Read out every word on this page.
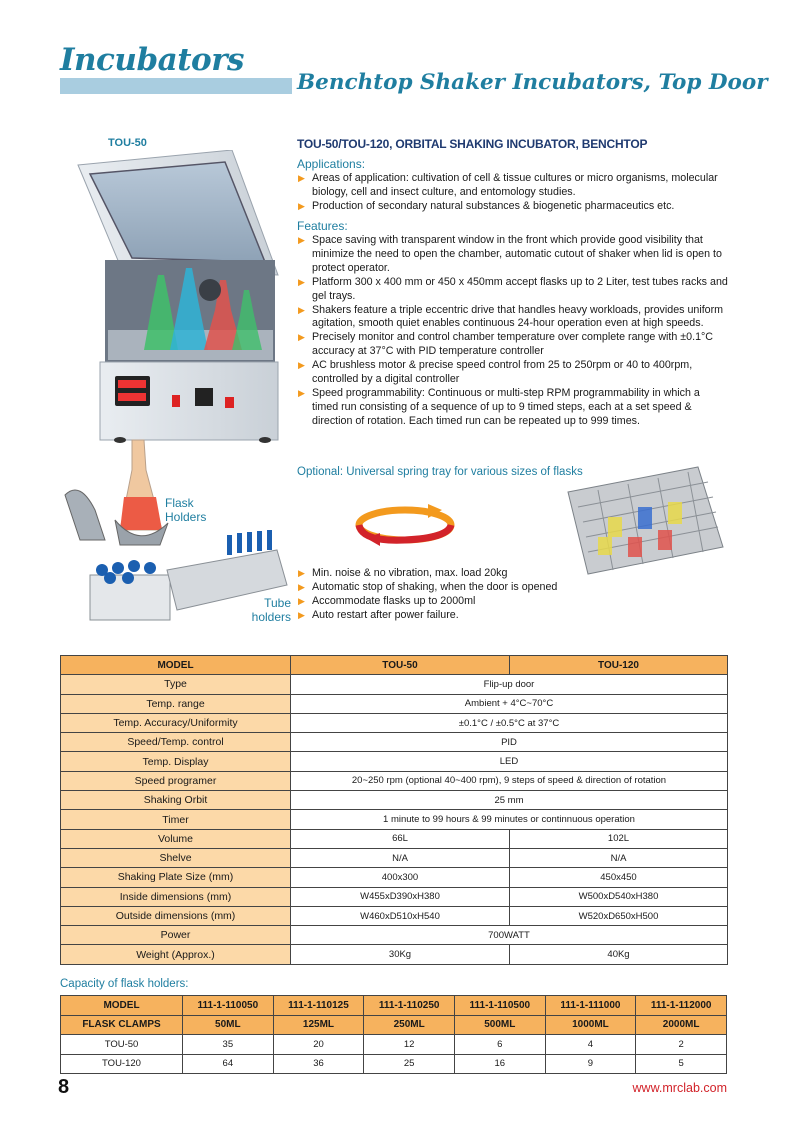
Incubators
Benchtop Shaker Incubators, Top Door
TOU-50
Flask
Holders
Tube
holders
TOU-50/TOU-120, ORBITAL SHAKING INCUBATOR, BENCHTOP
Applications:
▶ Areas of application: cultivation of cell & tissue cultures or micro organisms, molecular biology, cell and insect culture, and entomology studies.
▶ Production of secondary natural substances & biogenetic pharmaceutics etc.
Features:
▶ Space saving with transparent window in the front which provide good visibility that minimize the need to open the chamber, automatic cutout of shaker when lid is open to protect operator.
▶ Platform 300 x 400 mm or 450 x 450mm accept flasks up to 2 Liter, test tubes racks and gel trays.
▶ Shakers feature a triple eccentric drive that handles heavy workloads, provides uniform agitation, smooth quiet enables continuous 24-hour operation even at high speeds.
▶ Precisely monitor and control chamber temperature over complete range with ±0.1°C accuracy at 37°C with PID temperature controller
▶ AC brushless motor & precise speed control from 25 to 250rpm or 40 to 400rpm, controlled by a digital controller
▶ Speed programmability: Continuous or multi-step RPM programmability in which a timed run consisting of a sequence of up to 9 timed steps, each at a set speed & direction of rotation. Each timed run can be repeated up to 999 times.
Optional: Universal spring tray for various sizes of flasks
▶ Min. noise & no vibration, max. load 20kg
▶ Automatic stop of shaking, when the door is opened
▶ Accommodate flasks up to 2000ml
▶ Auto restart after power failure.
MODEL	TOU-50	TOU-120
Type	Flip-up door	
Temp. range	Ambient + 4°C~70°C	
Temp. Accuracy/Uniformity	±0.1°C / ±0.5°C at 37°C	
Speed/Temp. control	PID	
Temp. Display	LED	
Speed programer	20~250 rpm (optional 40~400 rpm), 9 steps of speed & direction of rotation	
Shaking Orbit	25 mm	
Timer	1 minute to 99 hours & 99 minutes or continnuous operation	
Volume	66L	102L
Shelve	N/A	N/A
Shaking Plate Size (mm)	400x300	450x450
Inside dimensions (mm)	W455xD390xH380	W500xD540xH380
Outside dimensions (mm)	W460xD510xH540	W520xD650xH500
Power	700WATT	
Weight (Approx.)	30Kg	40Kg
Capacity of flask holders:
MODEL	111-1-110050	111-1-110125	111-1-110250	111-1-110500	111-1-111000	111-1-112000
FLASK CLAMPS	50ML	125ML	250ML	500ML	1000ML	2000ML
TOU-50	35	20	12	6	4	2
TOU-120	64	36	25	16	9	5
8	www.mrclab.com
